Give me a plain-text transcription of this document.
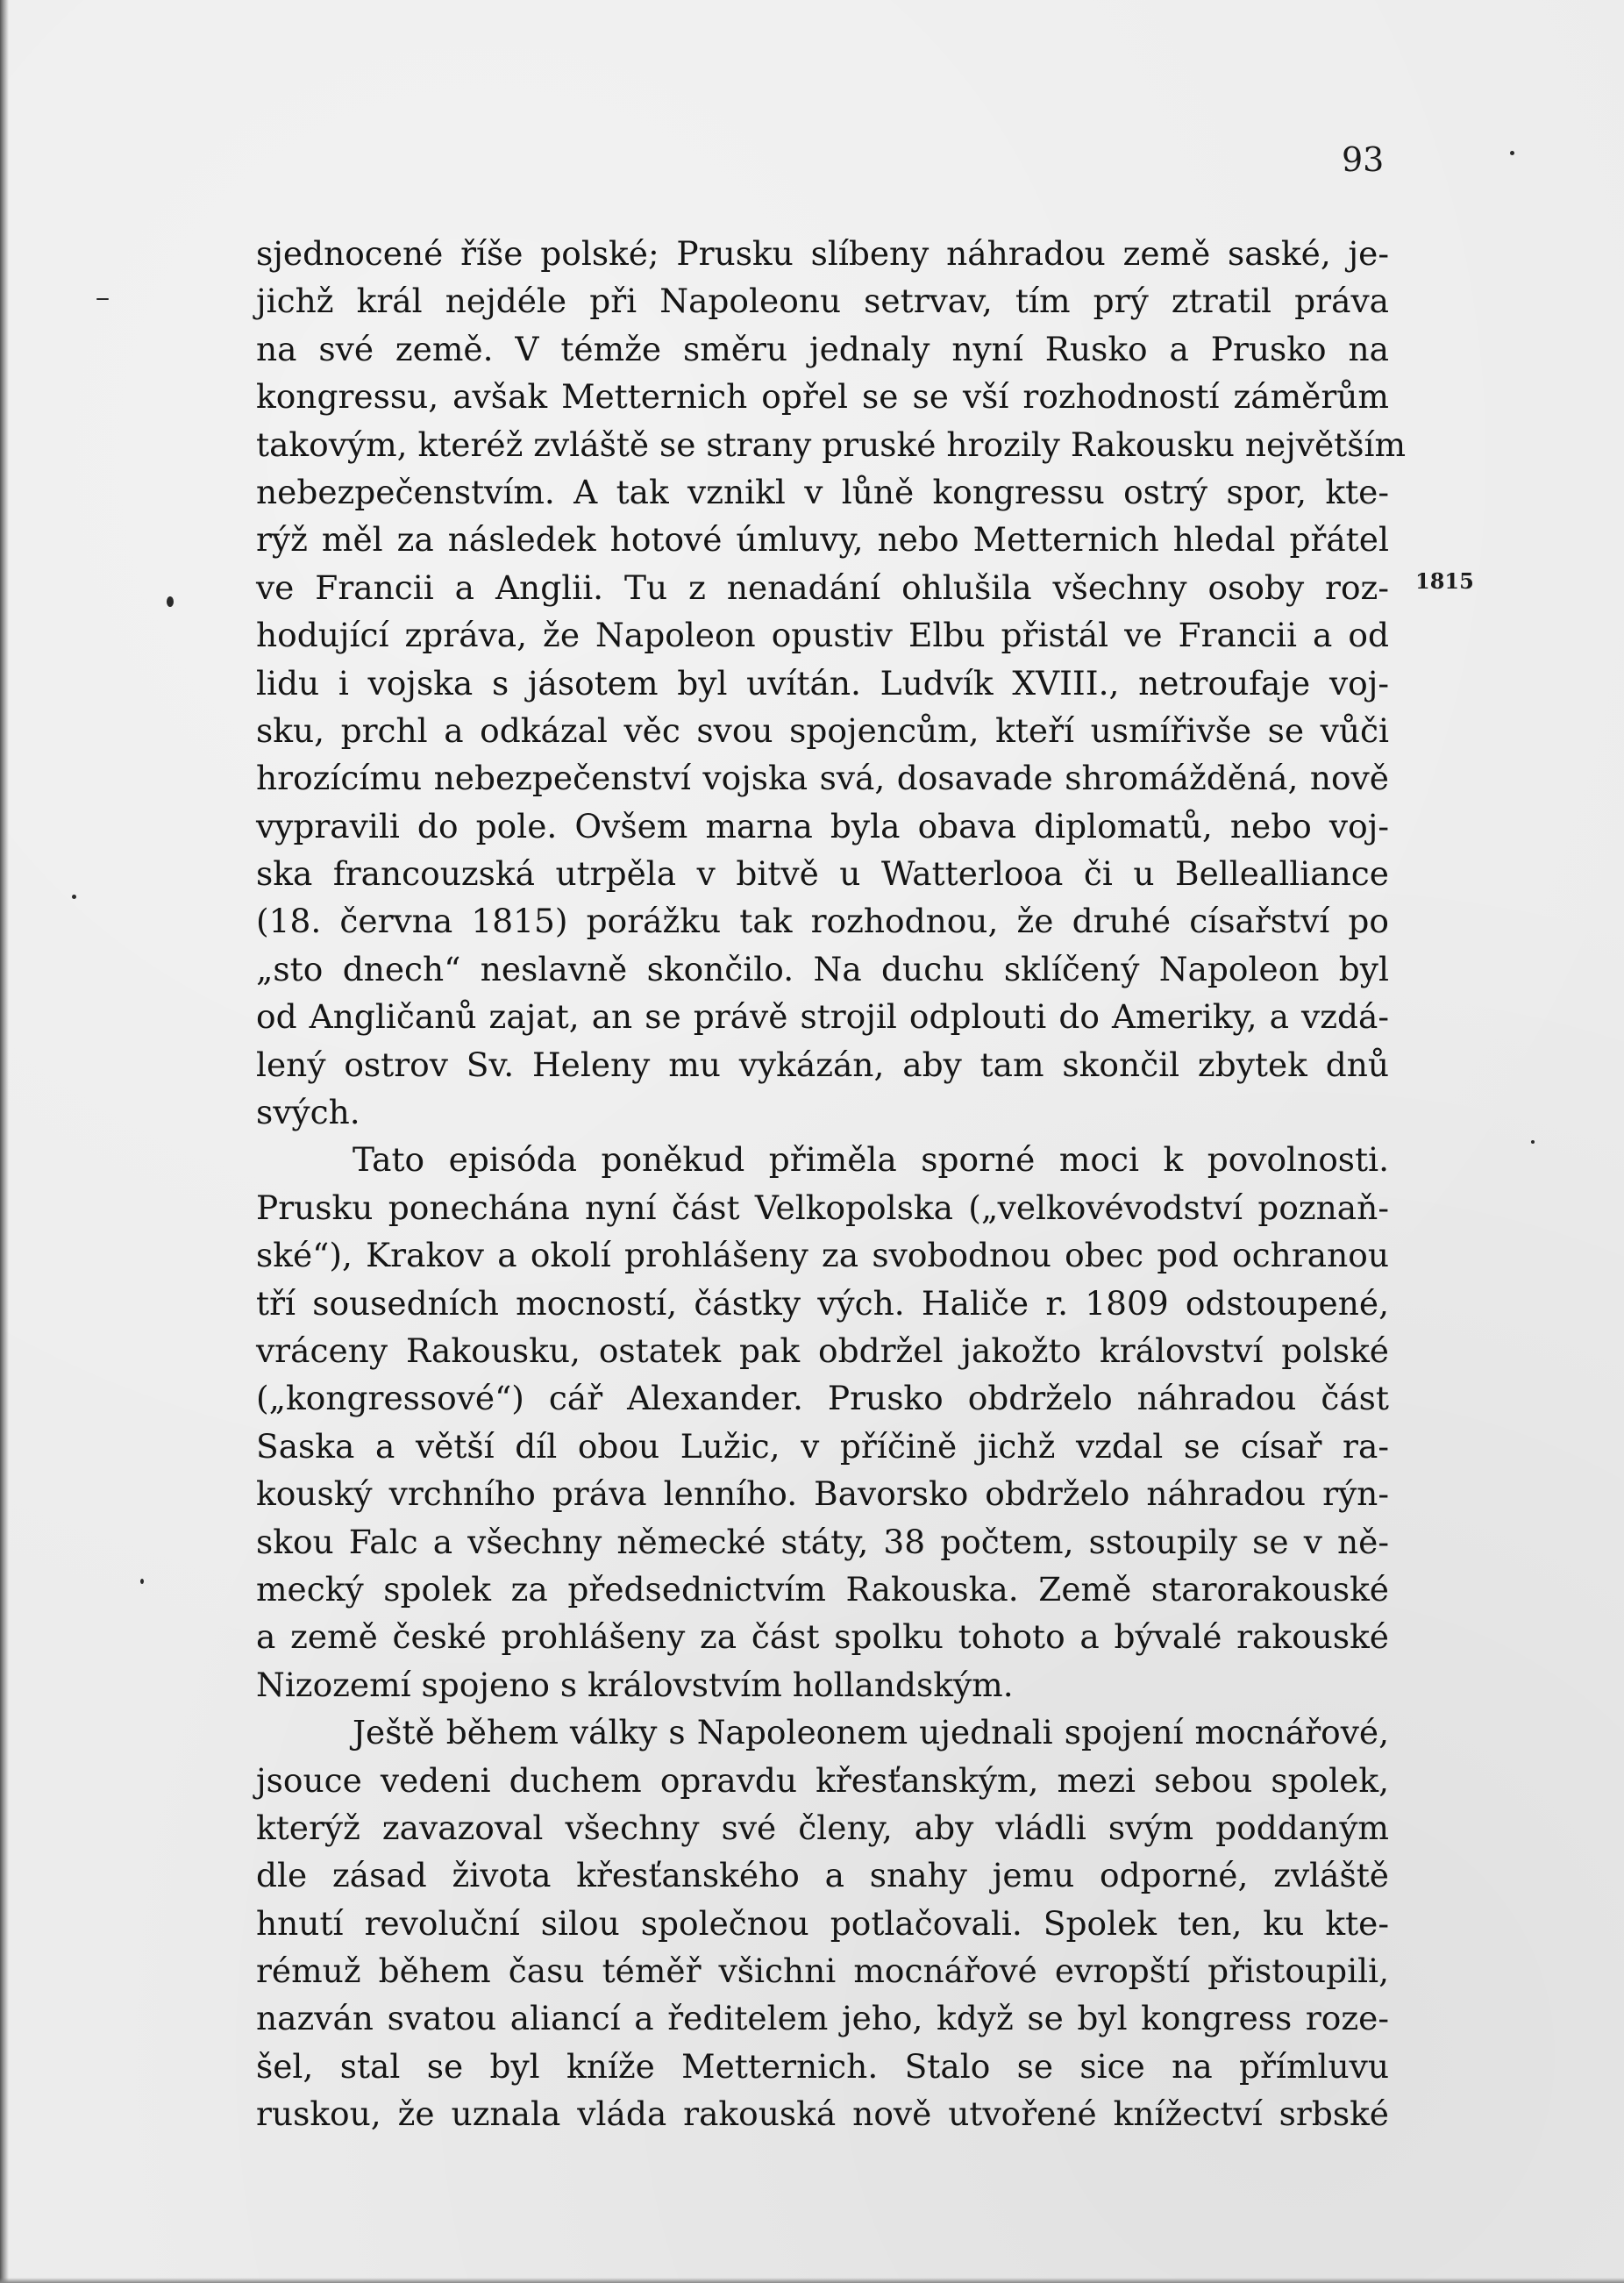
93
1815
sjednocené říše polské; Prusku slíbeny náhradou země saské, je-
jichž král nejdéle při Napoleonu setrvav, tím prý ztratil práva
na své země. V témže směru jednaly nyní Rusko a Prusko na
kongressu, avšak Metternich opřel se se vší rozhodností záměrům
takovým, kteréž zvláště se strany pruské hrozily Rakousku největším
nebezpečenstvím. A tak vznikl v lůně kongressu ostrý spor, kte-
rýž měl za následek hotové úmluvy, nebo Metternich hledal přátel
ve Francii a Anglii. Tu z nenadání ohlušila všechny osoby roz-
hodující zpráva, že Napoleon opustiv Elbu přistál ve Francii a od
lidu i vojska s jásotem byl uvítán. Ludvík XVIII., netroufaje voj-
sku, prchl a odkázal věc svou spojencům, kteří usmířivše se vůči
hrozícímu nebezpečenství vojska svá, dosavade shromážděná, nově
vypravili do pole. Ovšem marna byla obava diplomatů, nebo voj-
ska francouzská utrpěla v bitvě u Watterlooa či u Bellealliance
(18. června 1815) porážku tak rozhodnou, že druhé císařství po
„sto dnech“ neslavně skončilo. Na duchu sklíčený Napoleon byl
od Angličanů zajat, an se právě strojil odplouti do Ameriky, a vzdá-
lený ostrov Sv. Heleny mu vykázán, aby tam skončil zbytek dnů
svých.
Tato episóda poněkud přiměla sporné moci k povolnosti.
Prusku ponechána nyní část Velkopolska („velkovévodství poznaň-
ské“), Krakov a okolí prohlášeny za svobodnou obec pod ochranou
tří sousedních mocností, částky vých. Haliče r. 1809 odstoupené,
vráceny Rakousku, ostatek pak obdržel jakožto království polské
(„kongressové“) cář Alexander. Prusko obdrželo náhradou část
Saska a větší díl obou Lužic, v příčině jichž vzdal se císař ra-
kouský vrchního práva lenního. Bavorsko obdrželo náhradou rýn-
skou Falc a všechny německé státy, 38 počtem, sstoupily se v ně-
mecký spolek za předsednictvím Rakouska. Země starorakouské
a země české prohlášeny za část spolku tohoto a bývalé rakouské
Nizozemí spojeno s královstvím hollandským.
Ještě během války s Napoleonem ujednali spojení mocnářové,
jsouce vedeni duchem opravdu křesťanským, mezi sebou spolek,
kterýž zavazoval všechny své členy, aby vládli svým poddaným
dle zásad života křesťanského a snahy jemu odporné, zvláště
hnutí revoluční silou společnou potlačovali. Spolek ten, ku kte-
rémuž během času téměř všichni mocnářové evropští přistoupili,
nazván svatou aliancí a ředitelem jeho, když se byl kongress roze-
šel, stal se byl kníže Metternich. Stalo se sice na přímluvu
ruskou, že uznala vláda rakouská nově utvořené knížectví srbské
